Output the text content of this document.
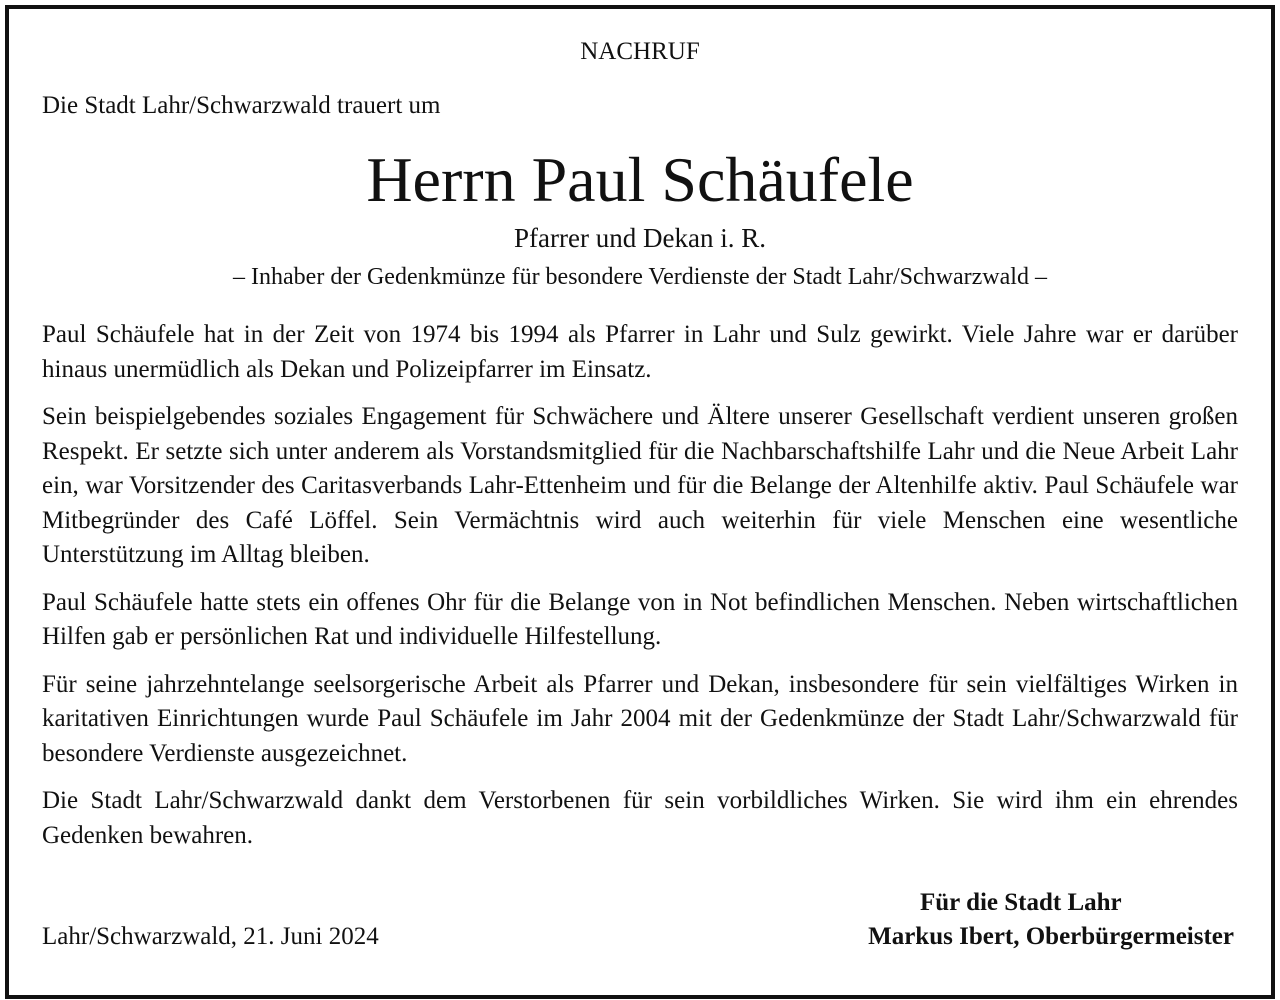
NACHRUF
Die Stadt Lahr/Schwarzwald trauert um
Herrn Paul Schäufele
Pfarrer und Dekan i. R.
– Inhaber der Gedenkmünze für besondere Verdienste der Stadt Lahr/Schwarzwald –

Paul Schäufele hat in der Zeit von 1974 bis 1994 als Pfarrer in Lahr und Sulz gewirkt. Viele Jahre war er darüber hinaus unermüdlich als Dekan und Polizeipfarrer im Einsatz.

Sein beispielgebendes soziales Engagement für Schwächere und Ältere unserer Gesellschaft verdient unseren großen Respekt. Er setzte sich unter anderem als Vorstandsmitglied für die Nachbarschaftshilfe Lahr und die Neue Arbeit Lahr ein, war Vorsitzender des Caritasverbands Lahr-Ettenheim und für die Belange der Altenhilfe aktiv. Paul Schäufele war Mitbegründer des Café Löffel. Sein Vermächtnis wird auch weiterhin für viele Menschen eine wesentliche Unterstützung im Alltag bleiben.

Paul Schäufele hatte stets ein offenes Ohr für die Belange von in Not befindlichen Menschen. Neben wirtschaftlichen Hilfen gab er persönlichen Rat und individuelle Hilfestellung.

Für seine jahrzehntelange seelsorgerische Arbeit als Pfarrer und Dekan, insbesondere für sein vielfältiges Wirken in karitativen Einrichtungen wurde Paul Schäufele im Jahr 2004 mit der Gedenkmünze der Stadt Lahr/Schwarzwald für besondere Verdienste ausgezeichnet.

Die Stadt Lahr/Schwarzwald dankt dem Verstorbenen für sein vorbildliches Wirken. Sie wird ihm ein ehrendes Gedenken bewahren.

Für die Stadt Lahr
Lahr/Schwarzwald, 21. Juni 2024	Markus Ibert, Oberbürgermeister
